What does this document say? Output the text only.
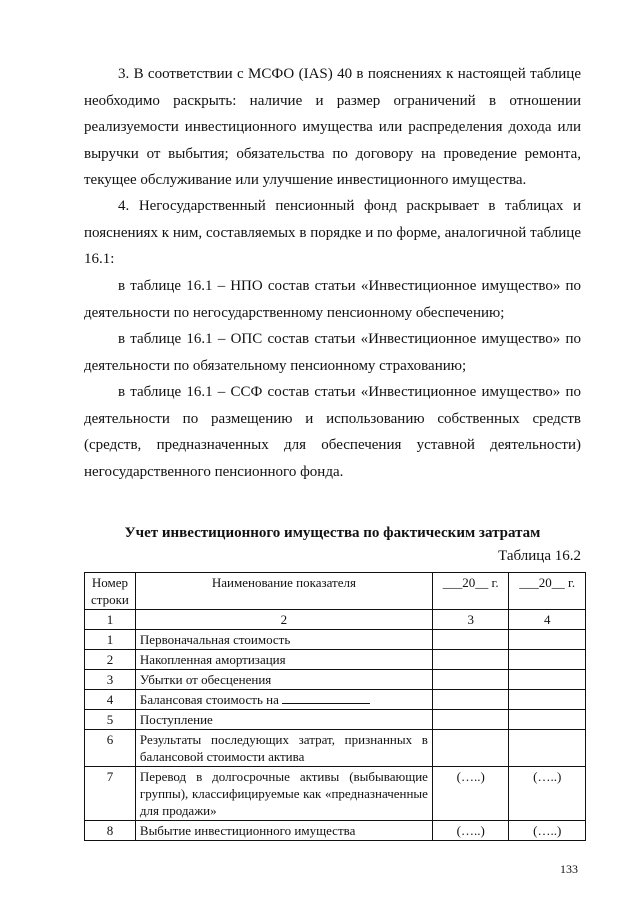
3. В соответствии с МСФО (IAS) 40 в пояснениях к настоящей таблице необходимо раскрыть: наличие и размер ограничений в отношении реализуемости инвестиционного имущества или распределения дохода или выручки от выбытия; обязательства по договору на проведение ремонта, текущее обслуживание или улучшение инвестиционного имущества.

4. Негосударственный пенсионный фонд раскрывает в таблицах и пояснениях к ним, составляемых в порядке и по форме, аналогичной таблице 16.1:

в таблице 16.1 – НПО состав статьи «Инвестиционное имущество» по деятельности по негосударственному пенсионному обеспечению;

в таблице 16.1 – ОПС состав статьи «Инвестиционное имущество» по деятельности по обязательному пенсионному страхованию;

в таблице 16.1 – ССФ состав статьи «Инвестиционное имущество» по деятельности по размещению и использованию собственных средств (средств, предназначенных для обеспечения уставной деятельности) негосударственного пенсионного фонда.

Учет инвестиционного имущества по фактическим затратам

Таблица 16.2

Номер строки	Наименование показателя	___20__ г.	___20__ г.
1	2	3	4
1	Первоначальная стоимость		
2	Накопленная амортизация		
3	Убытки от обесценения		
4	Балансовая стоимость на		
5	Поступление		
6	Результаты последующих затрат, признанных в балансовой стоимости актива		
7	Перевод в долгосрочные активы (выбывающие группы), классифицируемые как «предназначенные для продажи»	(…..)	(…..)
8	Выбытие инвестиционного имущества	(…..)	(…..)

133
